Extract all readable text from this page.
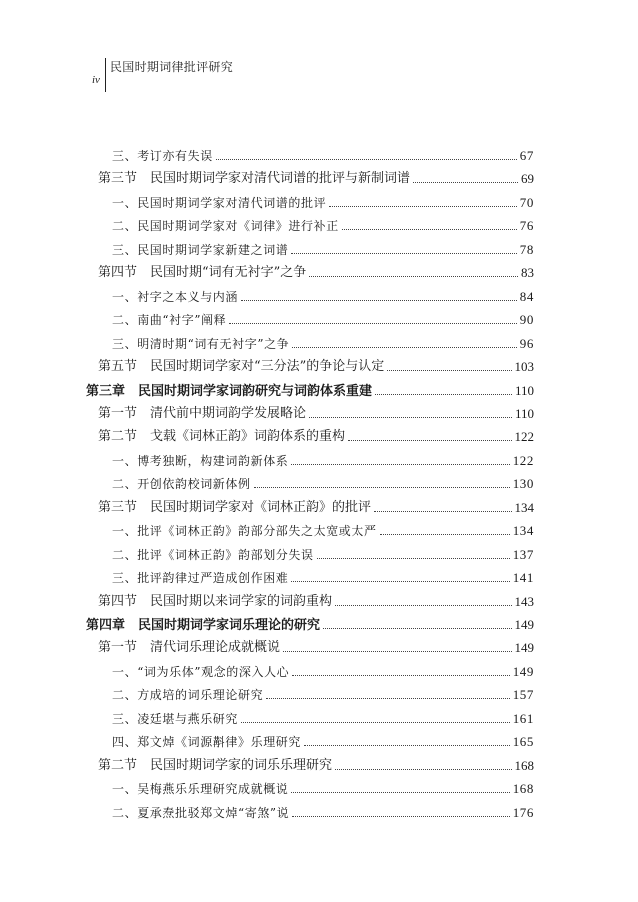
iv
民国时期词律批评研究
三、考订亦有失误	67
第三节　民国时期词学家对清代词谱的批评与新制词谱	69
一、民国时期词学家对清代词谱的批评	70
二、民国时期词学家对《词律》进行补正	76
三、民国时期词学家新建之词谱	78
第四节　民国时期“词有无衬字”之争	83
一、衬字之本义与内涵	84
二、南曲“衬字”阐释	90
三、明清时期“词有无衬字”之争	96
第五节　民国时期词学家对“三分法”的争论与认定	103
第三章　民国时期词学家词韵研究与词韵体系重建	110
第一节　清代前中期词韵学发展略论	110
第二节　戈载《词林正韵》词韵体系的重构	122
一、博考独断，构建词韵新体系	122
二、开创依韵校词新体例	130
第三节　民国时期词学家对《词林正韵》的批评	134
一、批评《词林正韵》韵部分部失之太宽或太严	134
二、批评《词林正韵》韵部划分失误	137
三、批评韵律过严造成创作困难	141
第四节　民国时期以来词学家的词韵重构	143
第四章　民国时期词学家词乐理论的研究	149
第一节　清代词乐理论成就概说	149
一、“词为乐体”观念的深入人心	149
二、方成培的词乐理论研究	157
三、凌廷堪与燕乐研究	161
四、郑文焯《词源斠律》乐理研究	165
第二节　民国时期词学家的词乐乐理研究	168
一、吴梅燕乐乐理研究成就概说	168
二、夏承焘批驳郑文焯“寄煞”说	176
